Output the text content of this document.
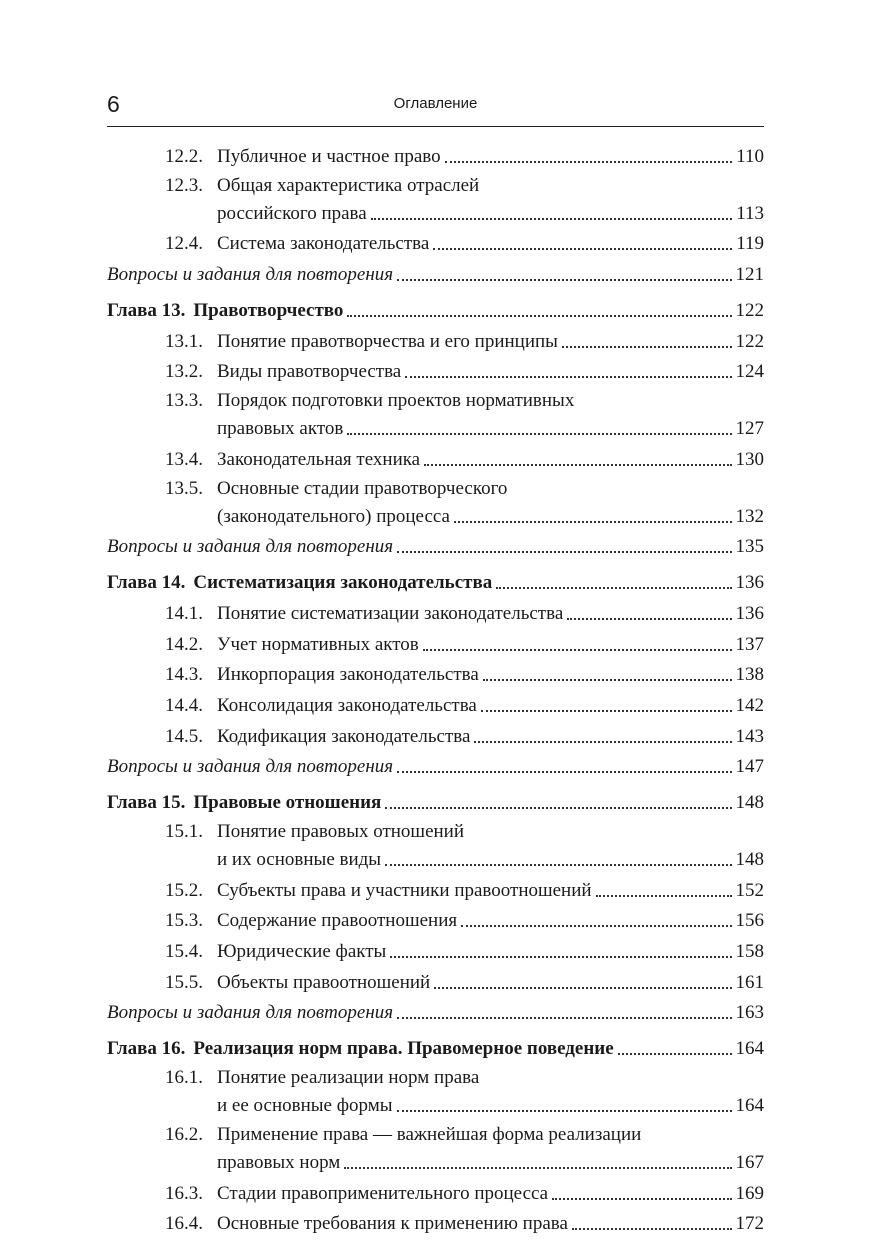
6	Оглавление
12.2. Публичное и частное право	110
12.3. Общая характеристика отраслей
российского права	113
12.4. Система законодательства	119
Вопросы и задания для повторения	121
Глава 13. Правотворчество	122
13.1. Понятие правотворчества и его принципы	122
13.2. Виды правотворчества	124
13.3. Порядок подготовки проектов нормативных
правовых актов	127
13.4. Законодательная техника	130
13.5. Основные стадии правотворческого
(законодательного) процесса	132
Вопросы и задания для повторения	135
Глава 14. Систематизация законодательства	136
14.1. Понятие систематизации законодательства	136
14.2. Учет нормативных актов	137
14.3. Инкорпорация законодательства	138
14.4. Консолидация законодательства	142
14.5. Кодификация законодательства	143
Вопросы и задания для повторения	147
Глава 15. Правовые отношения	148
15.1. Понятие правовых отношений
и их основные виды	148
15.2. Субъекты права и участники правоотношений	152
15.3. Содержание правоотношения	156
15.4. Юридические факты	158
15.5. Объекты правоотношений	161
Вопросы и задания для повторения	163
Глава 16. Реализация норм права. Правомерное поведение	164
16.1. Понятие реализации норм права
и ее основные формы	164
16.2. Применение права — важнейшая форма реализации
правовых норм	167
16.3. Стадии правоприменительного процесса	169
16.4. Основные требования к применению права	172
